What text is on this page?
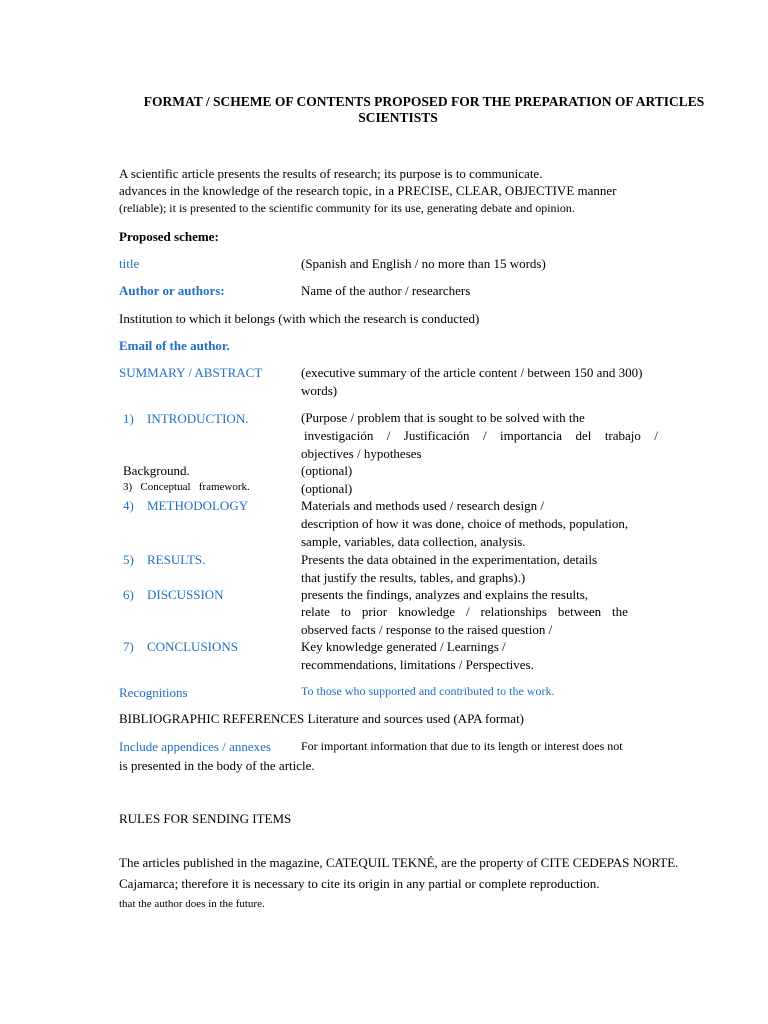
FORMAT / SCHEME OF CONTENTS PROPOSED FOR THE PREPARATION OF ARTICLES
SCIENTISTS
A scientific article presents the results of research; its purpose is to communicate.
advances in the knowledge of the research topic, in a PRECISE, CLEAR, OBJECTIVE manner
(reliable); it is presented to the scientific community for its use, generating debate and opinion.
Proposed scheme:
title	(Spanish and English / no more than 15 words)
Author or authors:	Name of the author / researchers
Institution to which it belongs (with which the research is conducted)
Email of the author.
SUMMARY / ABSTRACT	(executive summary of the article content / between 150 and 300)
words)
1) INTRODUCTION.	(Purpose / problem that is sought to be solved with the
investigación / Justificación / importancia del trabajo /
objectives / hypotheses
Background.	(optional)
3)   Conceptual   framework.	(optional)
4) METHODOLOGY	Materials and methods used / research design /
description of how it was done, choice of methods, population,
sample, variables, data collection, analysis.
5) RESULTS.	Presents the data obtained in the experimentation, details
that justify the results, tables, and graphs).)
6) DISCUSSION	presents the findings, analyzes and explains the results,
relate to prior knowledge / relationships between the
observed facts / response to the raised question /
7) CONCLUSIONS	Key knowledge generated / Learnings /
recommendations, limitations / Perspectives.
Recognitions	To those who supported and contributed to the work.
BIBLIOGRAPHIC REFERENCES Literature and sources used (APA format)
Include appendices / annexes	For important information that due to its length or interest does not
is presented in the body of the article.
RULES FOR SENDING ITEMS
The articles published in the magazine, CATEQUIL TEKNÉ, are the property of CITE CEDEPAS NORTE.
Cajamarca; therefore it is necessary to cite its origin in any partial or complete reproduction.
that the author does in the future.
